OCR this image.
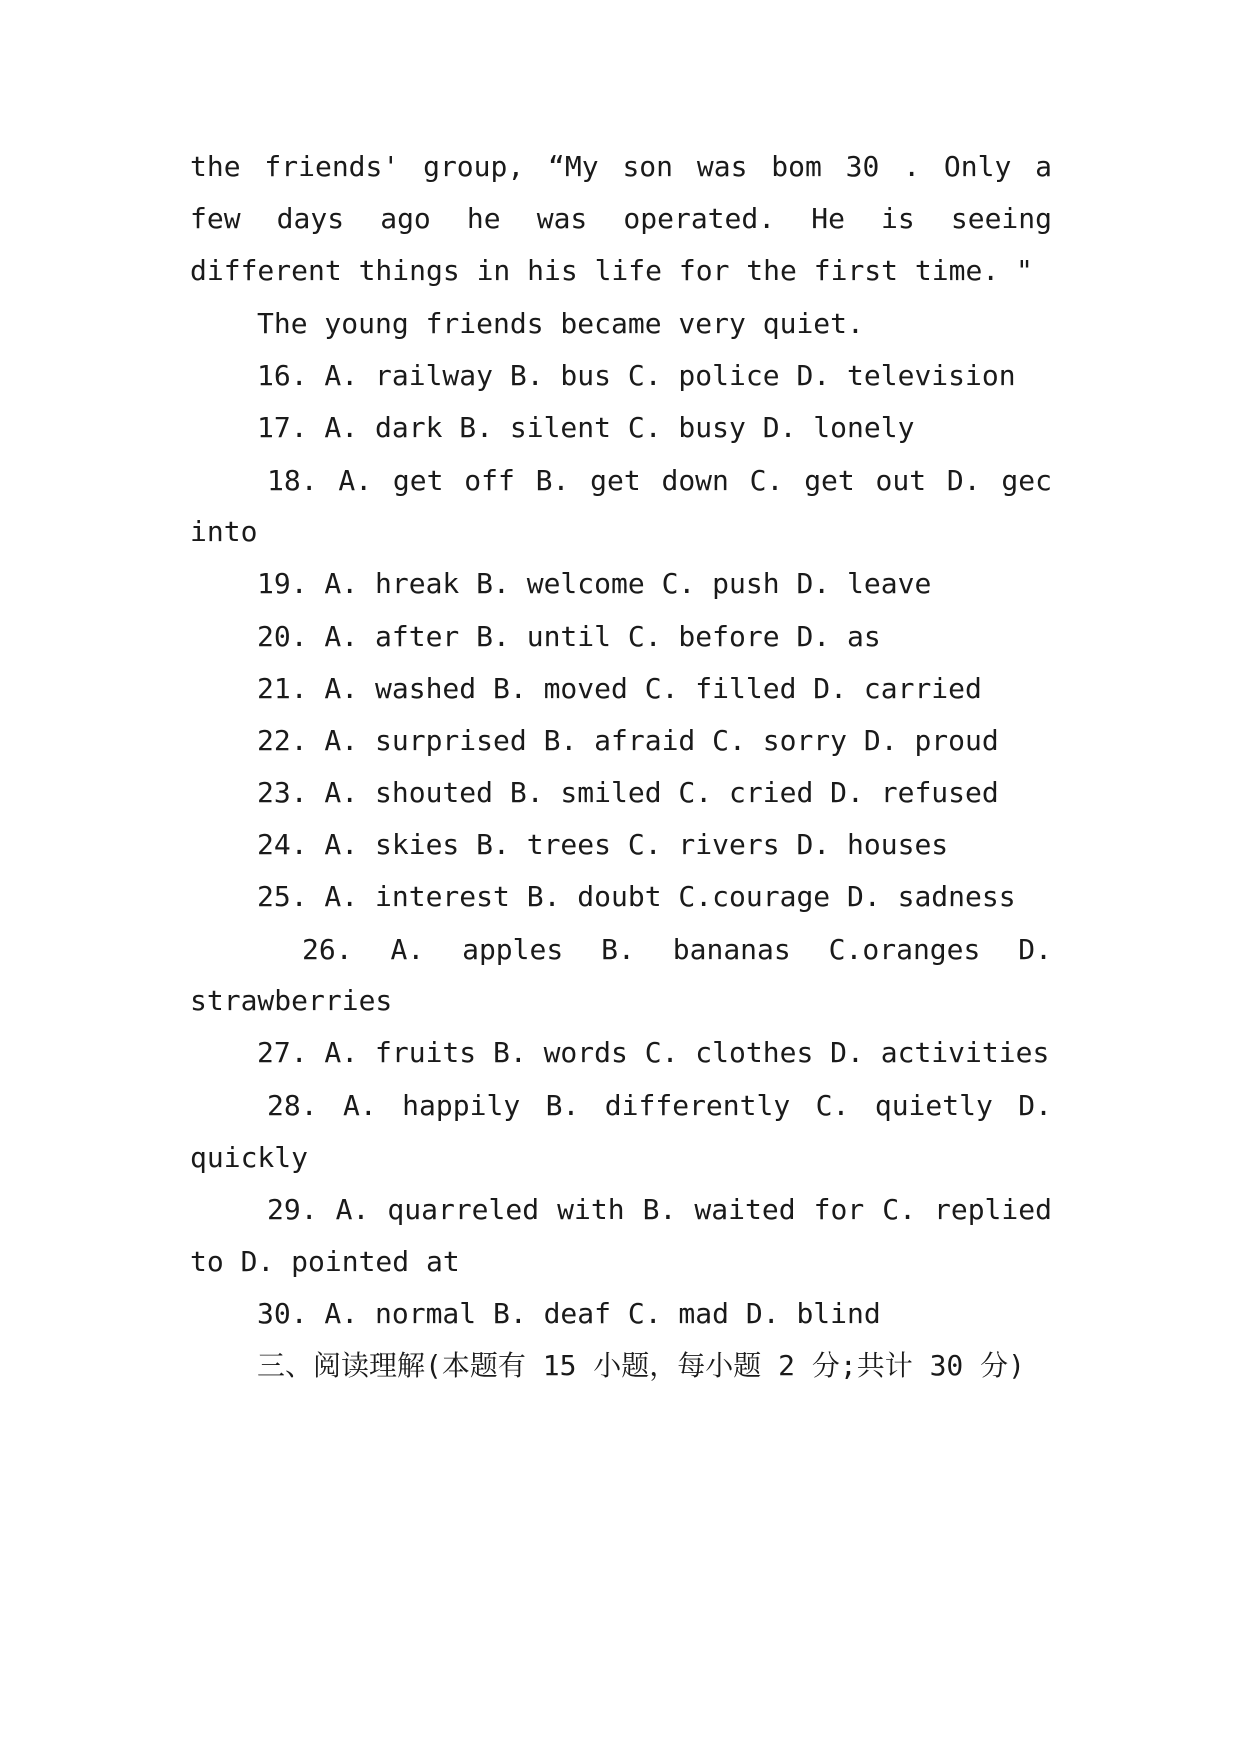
the friends' group, “My son was bom 30 . Only a
few days ago he was operated. He is seeing
different things in his life for the first time. "
The young friends became very quiet.
16. A. railway B. bus C. police D. television
17. A. dark B. silent C. busy D. lonely
18. A. get off B. get down C. get out D. gec
into
19. A. hreak B. welcome C. push D. leave
20. A. after B. until C. before D. as
21. A. washed B. moved C. filled D. carried
22. A. surprised B. afraid C. sorry D. proud
23. A. shouted B. smiled C. cried D. refused
24. A. skies B. trees C. rivers D. houses
25. A. interest B. doubt C.courage D. sadness
26. A. apples B. bananas C.oranges D.
strawberries
27. A. fruits B. words C. clothes D. activities
28. A. happily B. differently C. quietly D.
quickly
29. A. quarreled with B. waited for C. replied
to D. pointed at
30. A. normal B. deaf C. mad D. blind
三、阅读理解(本题有 15 小题，每小题 2 分;共计 30 分)
